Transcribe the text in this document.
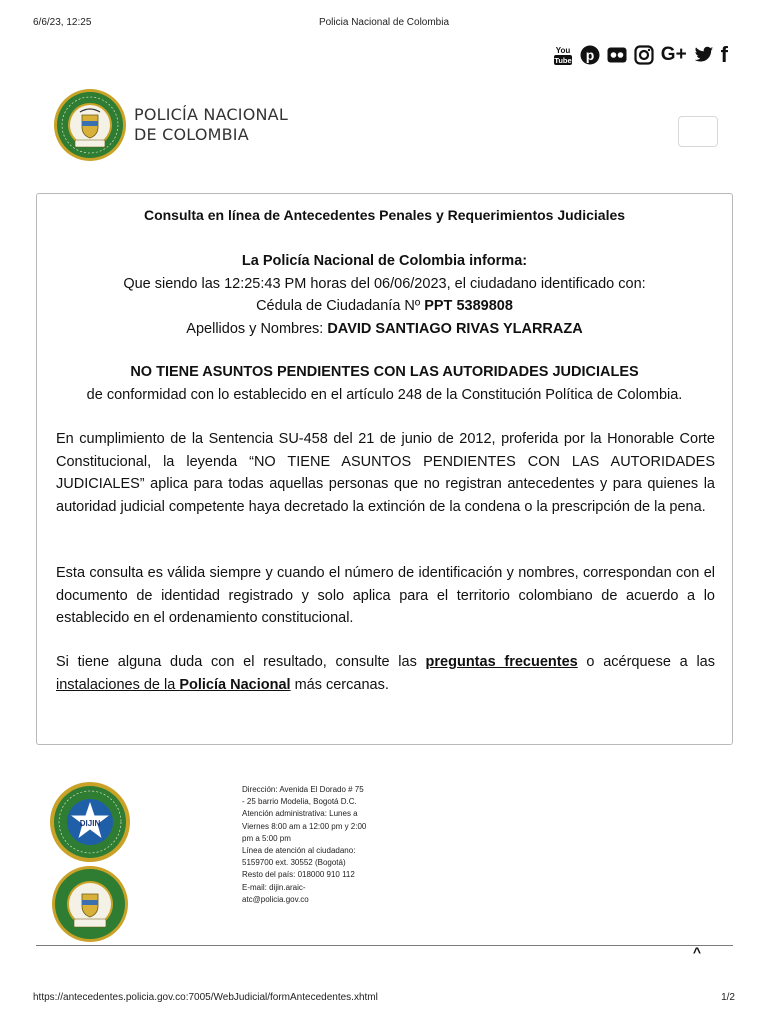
6/6/23, 12:25	Policia Nacional de Colombia
You
Tube p	G+ f
POLICÍA NACIONAL
DE COLOMBIA
Consulta en línea de Antecedentes Penales y Requerimientos Judiciales
La Policía Nacional de Colombia informa:
Que siendo las 12:25:43 PM horas del 06/06/2023, el ciudadano identificado con:
Cédula de Ciudadanía Nº PPT 5389808
Apellidos y Nombres: DAVID SANTIAGO RIVAS YLARRAZA
NO TIENE ASUNTOS PENDIENTES CON LAS AUTORIDADES JUDICIALES
de conformidad con lo establecido en el artículo 248 de la Constitución Política de Colombia.
En cumplimiento de la Sentencia SU-458 del 21 de junio de 2012, proferida por la Honorable Corte Constitucional, la leyenda “NO TIENE ASUNTOS PENDIENTES CON LAS AUTORIDADES JUDICIALES” aplica para todas aquellas personas que no registran antecedentes y para quienes la autoridad judicial competente haya decretado la extinción de la condena o la prescripción de la pena.
Esta consulta es válida siempre y cuando el número de identificación y nombres, correspondan con el documento de identidad registrado y solo aplica para el territorio colombiano de acuerdo a lo establecido en el ordenamiento constitucional.
Si tiene alguna duda con el resultado, consulte las preguntas frecuentes o acérquese a las instalaciones de la Policía Nacional más cercanas.
DIJIN
Dirección: Avenida El Dorado # 75
- 25 barrio Modelia, Bogotá D.C.
Atención administrativa: Lunes a
Viernes 8:00 am a 12:00 pm y 2:00
pm a 5:00 pm
Línea de atención al ciudadano:
5159700 ext. 30552 (Bogotá)
Resto del país: 018000 910 112
E-mail: dijin.araic-
atc@policia.gov.co
^
https://antecedentes.policia.gov.co:7005/WebJudicial/formAntecedentes.xhtml	1/2
